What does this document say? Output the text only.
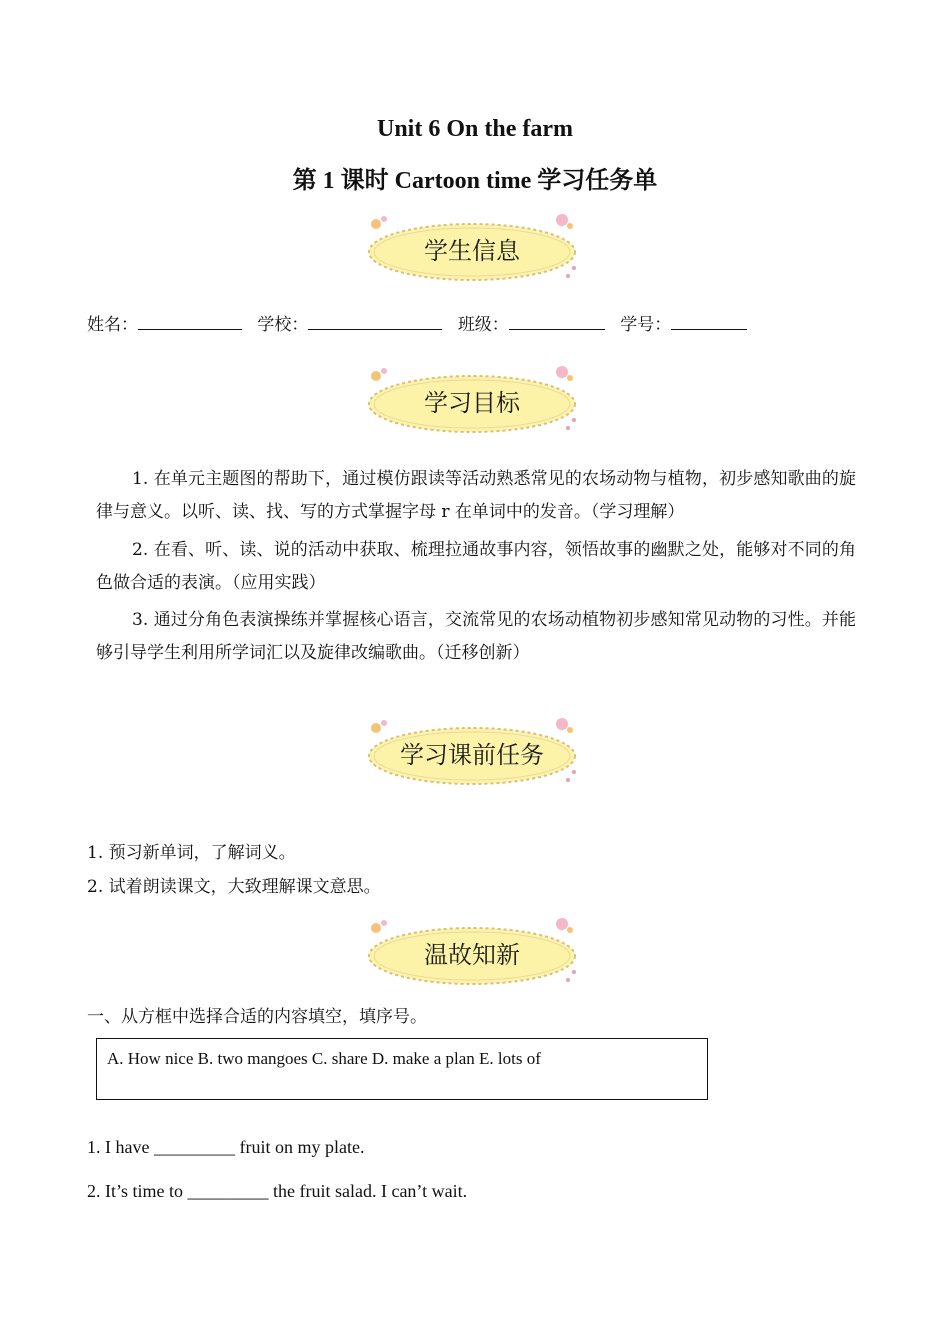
Unit 6 On the farm
第 1 课时 Cartoon time 学习任务单
学生信息
姓名：	学校：	班级：	学号：
学习目标
1. 在单元主题图的帮助下，通过模仿跟读等活动熟悉常见的农场动物与植物，初步感知歌曲的旋律与意义。以听、读、找、写的方式掌握字母 r 在单词中的发音。（学习理解）
2. 在看、听、读、说的活动中获取、梳理拉通故事内容，领悟故事的幽默之处，能够对不同的角色做合适的表演。（应用实践）
3. 通过分角色表演操练并掌握核心语言，交流常见的农场动植物初步感知常见动物的习性。并能够引导学生利用所学词汇以及旋律改编歌曲。（迁移创新）
学习课前任务
1. 预习新单词，了解词义。
2. 试着朗读课文，大致理解课文意思。
温故知新
一、从方框中选择合适的内容填空，填序号。
A. How nice B. two mangoes C. share D. make a plan E. lots of
1. I have _________ fruit on my plate.
2. It’s time to _________ the fruit salad. I can’t wait.
